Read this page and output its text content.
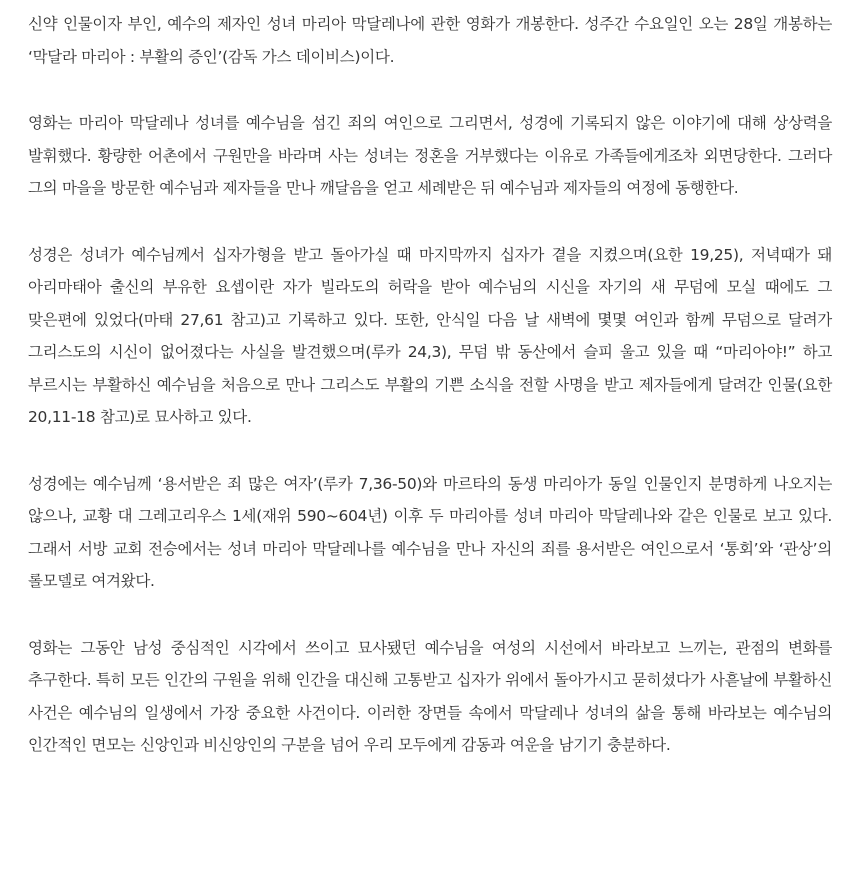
신약 인물이자 부인, 예수의 제자인 성녀 마리아 막달레나에 관한 영화가 개봉한다. 성주간 수요일인 오는 28일 개봉하는 ‘막달라 마리아 : 부활의 증인’(감독 가스 데이비스)이다.

영화는 마리아 막달레나 성녀를 예수님을 섬긴 죄의 여인으로 그리면서, 성경에 기록되지 않은 이야기에 대해 상상력을 발휘했다. 황량한 어촌에서 구원만을 바라며 사는 성녀는 정혼을 거부했다는 이유로 가족들에게조차 외면당한다. 그러다 그의 마을을 방문한 예수님과 제자들을 만나 깨달음을 얻고 세례받은 뒤 예수님과 제자들의 여정에 동행한다.

성경은 성녀가 예수님께서 십자가형을 받고 돌아가실 때 마지막까지 십자가 곁을 지켰으며(요한 19,25), 저녁때가 돼 아리마태아 출신의 부유한 요셉이란 자가 빌라도의 허락을 받아 예수님의 시신을 자기의 새 무덤에 모실 때에도 그 맞은편에 있었다(마태 27,61 참고)고 기록하고 있다. 또한, 안식일 다음 날 새벽에 몇몇 여인과 함께 무덤으로 달려가 그리스도의 시신이 없어졌다는 사실을 발견했으며(루카 24,3), 무덤 밖 동산에서 슬피 울고 있을 때 “마리아야!” 하고 부르시는 부활하신 예수님을 처음으로 만나 그리스도 부활의 기쁜 소식을 전할 사명을 받고 제자들에게 달려간 인물(요한 20,11-18 참고)로 묘사하고 있다.

성경에는 예수님께 ‘용서받은 죄 많은 여자’(루카 7,36-50)와 마르타의 동생 마리아가 동일 인물인지 분명하게 나오지는 않으나, 교황 대 그레고리우스 1세(재위 590~604년) 이후 두 마리아를 성녀 마리아 막달레나와 같은 인물로 보고 있다. 그래서 서방 교회 전승에서는 성녀 마리아 막달레나를 예수님을 만나 자신의 죄를 용서받은 여인으로서 ‘통회’와 ‘관상’의 롤모델로 여겨왔다.

영화는 그동안 남성 중심적인 시각에서 쓰이고 묘사됐던 예수님을 여성의 시선에서 바라보고 느끼는, 관점의 변화를 추구한다. 특히 모든 인간의 구원을 위해 인간을 대신해 고통받고 십자가 위에서 돌아가시고 묻히셨다가 사흗날에 부활하신 사건은 예수님의 일생에서 가장 중요한 사건이다. 이러한 장면들 속에서 막달레나 성녀의 삶을 통해 바라보는 예수님의 인간적인 면모는 신앙인과 비신앙인의 구분을 넘어 우리 모두에게 감동과 여운을 남기기 충분하다.
